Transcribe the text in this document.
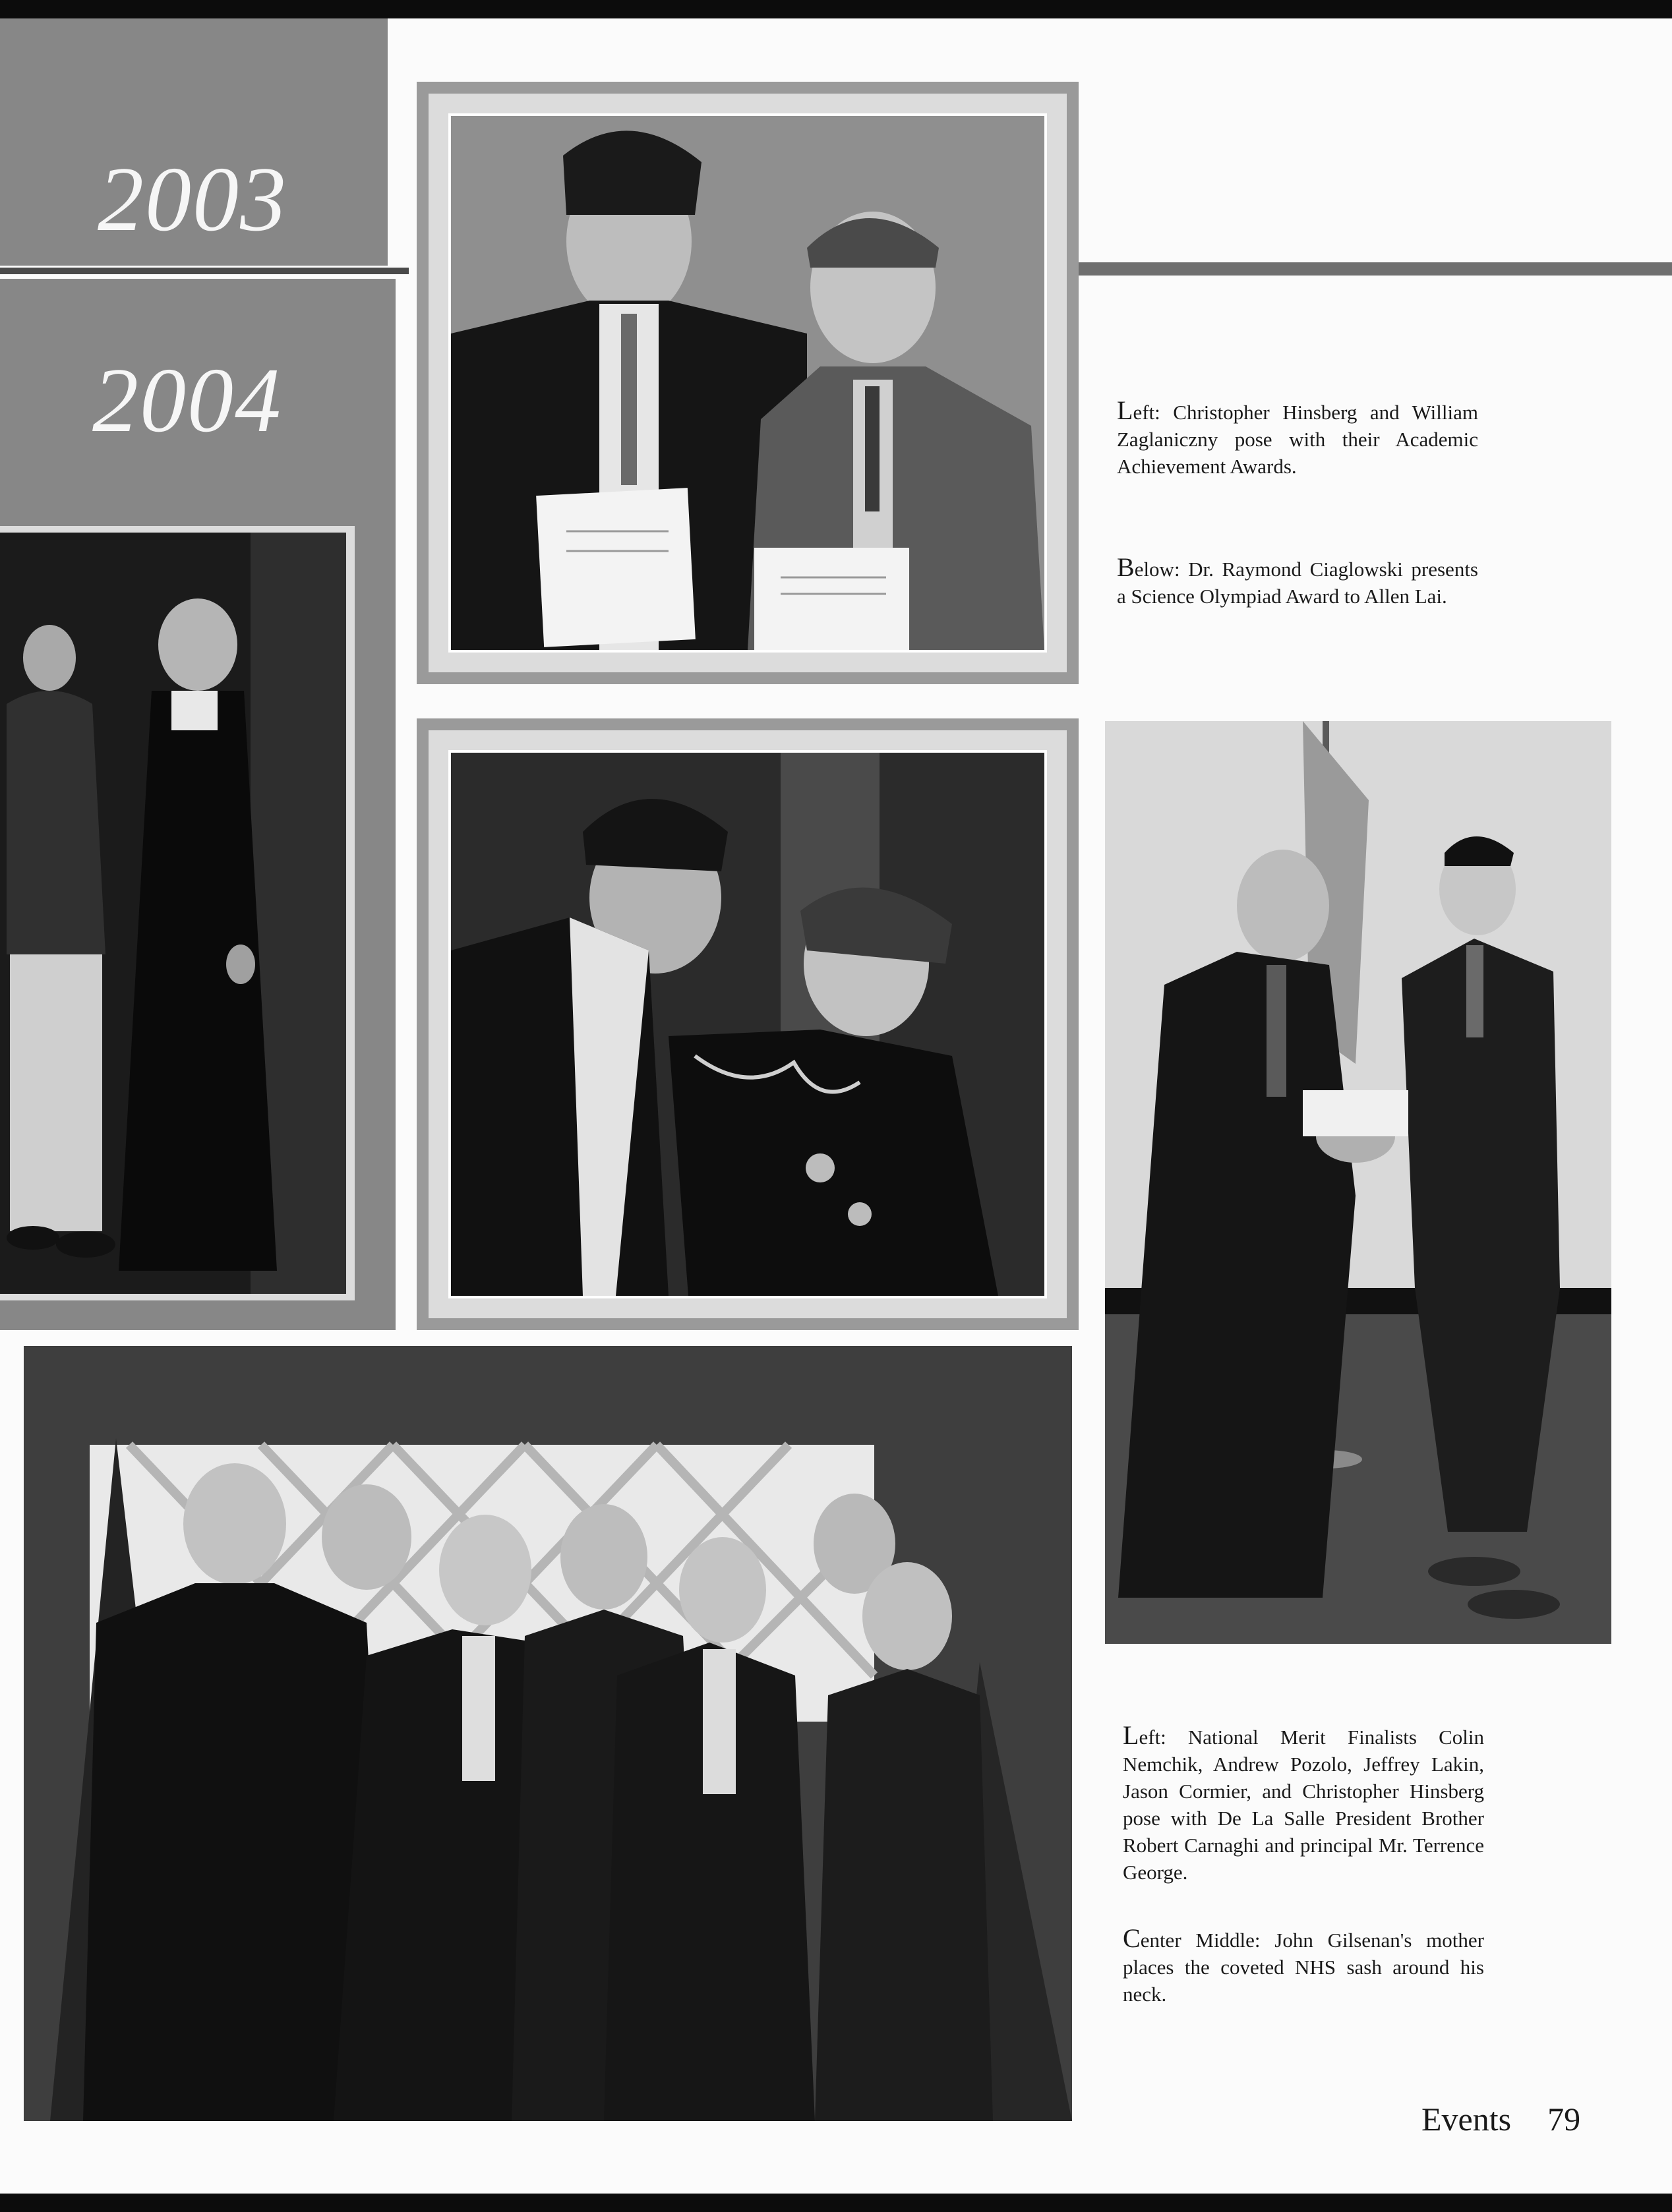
2003
2004	Left: Christopher Hinsberg and William Zaglaniczny pose with their Academic Achievement Awards.
Below: Dr. Raymond Ciaglowski presents a Science Olympiad Award to Allen Lai.
Left: National Merit Finalists Colin Nemchik, Andrew Pozolo, Jeffrey Lakin, Jason Cormier, and Christopher Hinsberg pose with De La Salle President Brother Robert Carnaghi and principal Mr. Terrence George.
Center Middle: John Gilsenan's mother places the coveted NHS sash around his neck.
Events 79
